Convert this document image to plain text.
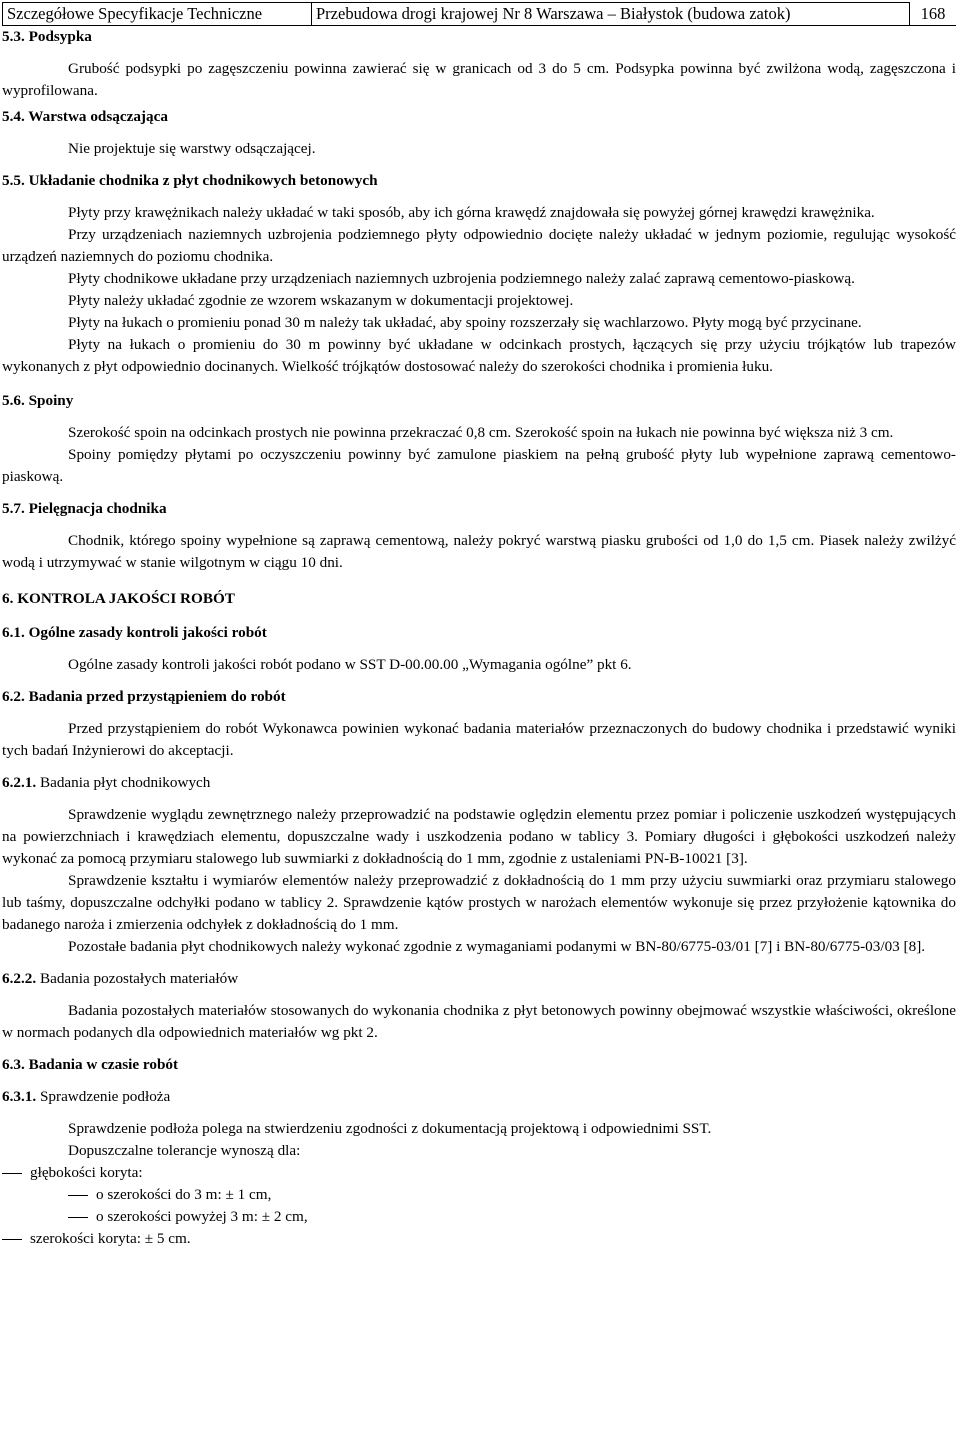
Szczegółowe Specyfikacje Techniczne	Przebudowa drogi krajowej Nr 8 Warszawa – Białystok (budowa zatok)	168
5.3. Podsypka
Grubość podsypki po zagęszczeniu powinna zawierać się w granicach od 3 do 5 cm. Podsypka powinna być zwilżona wodą, zagęszczona i wyprofilowana.
5.4. Warstwa odsączająca
Nie projektuje się warstwy odsączającej.
5.5. Układanie chodnika z płyt chodnikowych betonowych
Płyty przy krawężnikach należy układać w taki sposób, aby ich górna krawędź znajdowała się powyżej górnej krawędzi krawężnika.
Przy urządzeniach naziemnych uzbrojenia podziemnego płyty odpowiednio docięte należy układać w jednym poziomie, regulując wysokość urządzeń naziemnych do poziomu chodnika.
Płyty chodnikowe układane przy urządzeniach naziemnych uzbrojenia podziemnego należy zalać zaprawą cementowo-piaskową.
Płyty należy układać zgodnie ze wzorem wskazanym w dokumentacji projektowej.
Płyty na łukach o promieniu ponad 30 m należy tak układać, aby spoiny rozszerzały się wachlarzowo. Płyty mogą być przycinane.
Płyty na łukach o promieniu do 30 m powinny być układane w odcinkach prostych, łączących się przy użyciu trójkątów lub trapezów wykonanych z płyt odpowiednio docinanych. Wielkość trójkątów dostosować należy do szerokości chodnika i promienia łuku.
5.6. Spoiny
Szerokość spoin na odcinkach prostych nie powinna przekraczać 0,8 cm. Szerokość spoin na łukach nie powinna być większa niż 3 cm.
Spoiny pomiędzy płytami po oczyszczeniu powinny być zamulone piaskiem na pełną grubość płyty lub wypełnione zaprawą cementowo-piaskową.
5.7. Pielęgnacja chodnika
Chodnik, którego spoiny wypełnione są zaprawą cementową, należy pokryć warstwą piasku grubości od 1,0 do 1,5 cm. Piasek należy zwilżyć wodą i utrzymywać w stanie wilgotnym w ciągu 10 dni.
6. KONTROLA JAKOŚCI ROBÓT
6.1. Ogólne zasady kontroli jakości robót
Ogólne zasady kontroli jakości robót podano w SST D-00.00.00 „Wymagania ogólne” pkt 6.
6.2. Badania przed przystąpieniem do robót
Przed przystąpieniem do robót Wykonawca powinien wykonać badania materiałów przeznaczonych do budowy chodnika i przedstawić wyniki tych badań Inżynierowi do akceptacji.
6.2.1. Badania płyt chodnikowych
Sprawdzenie wyglądu zewnętrznego należy przeprowadzić na podstawie oględzin elementu przez pomiar i policzenie uszkodzeń występujących na powierzchniach i krawędziach elementu, dopuszczalne wady i uszkodzenia podano w tablicy 3. Pomiary długości i głębokości uszkodzeń należy wykonać za pomocą przymiaru stalowego lub suwmiarki z dokładnością do 1 mm, zgodnie z ustaleniami PN-B-10021 [3].
Sprawdzenie kształtu i wymiarów elementów należy przeprowadzić z dokładnością do 1 mm przy użyciu suwmiarki oraz przymiaru stalowego lub taśmy, dopuszczalne odchyłki podano w tablicy 2. Sprawdzenie kątów prostych w narożach elementów wykonuje się przez przyłożenie kątownika do badanego naroża i zmierzenia odchyłek z dokładnością do 1 mm.
Pozostałe badania płyt chodnikowych należy wykonać zgodnie z wymaganiami podanymi w BN-80/6775-03/01 [7] i BN-80/6775-03/03 [8].
6.2.2. Badania pozostałych materiałów
Badania pozostałych materiałów stosowanych do wykonania chodnika z płyt betonowych powinny obejmować wszystkie właściwości, określone w normach podanych dla odpowiednich materiałów wg pkt 2.
6.3. Badania w czasie robót
6.3.1. Sprawdzenie podłoża
Sprawdzenie podłoża polega na stwierdzeniu zgodności z dokumentacją projektową i odpowiednimi SST.
Dopuszczalne tolerancje wynoszą dla:
głębokości koryta:
o szerokości do 3 m: ± 1 cm,
o szerokości powyżej 3 m: ± 2 cm,
szerokości koryta: ± 5 cm.
